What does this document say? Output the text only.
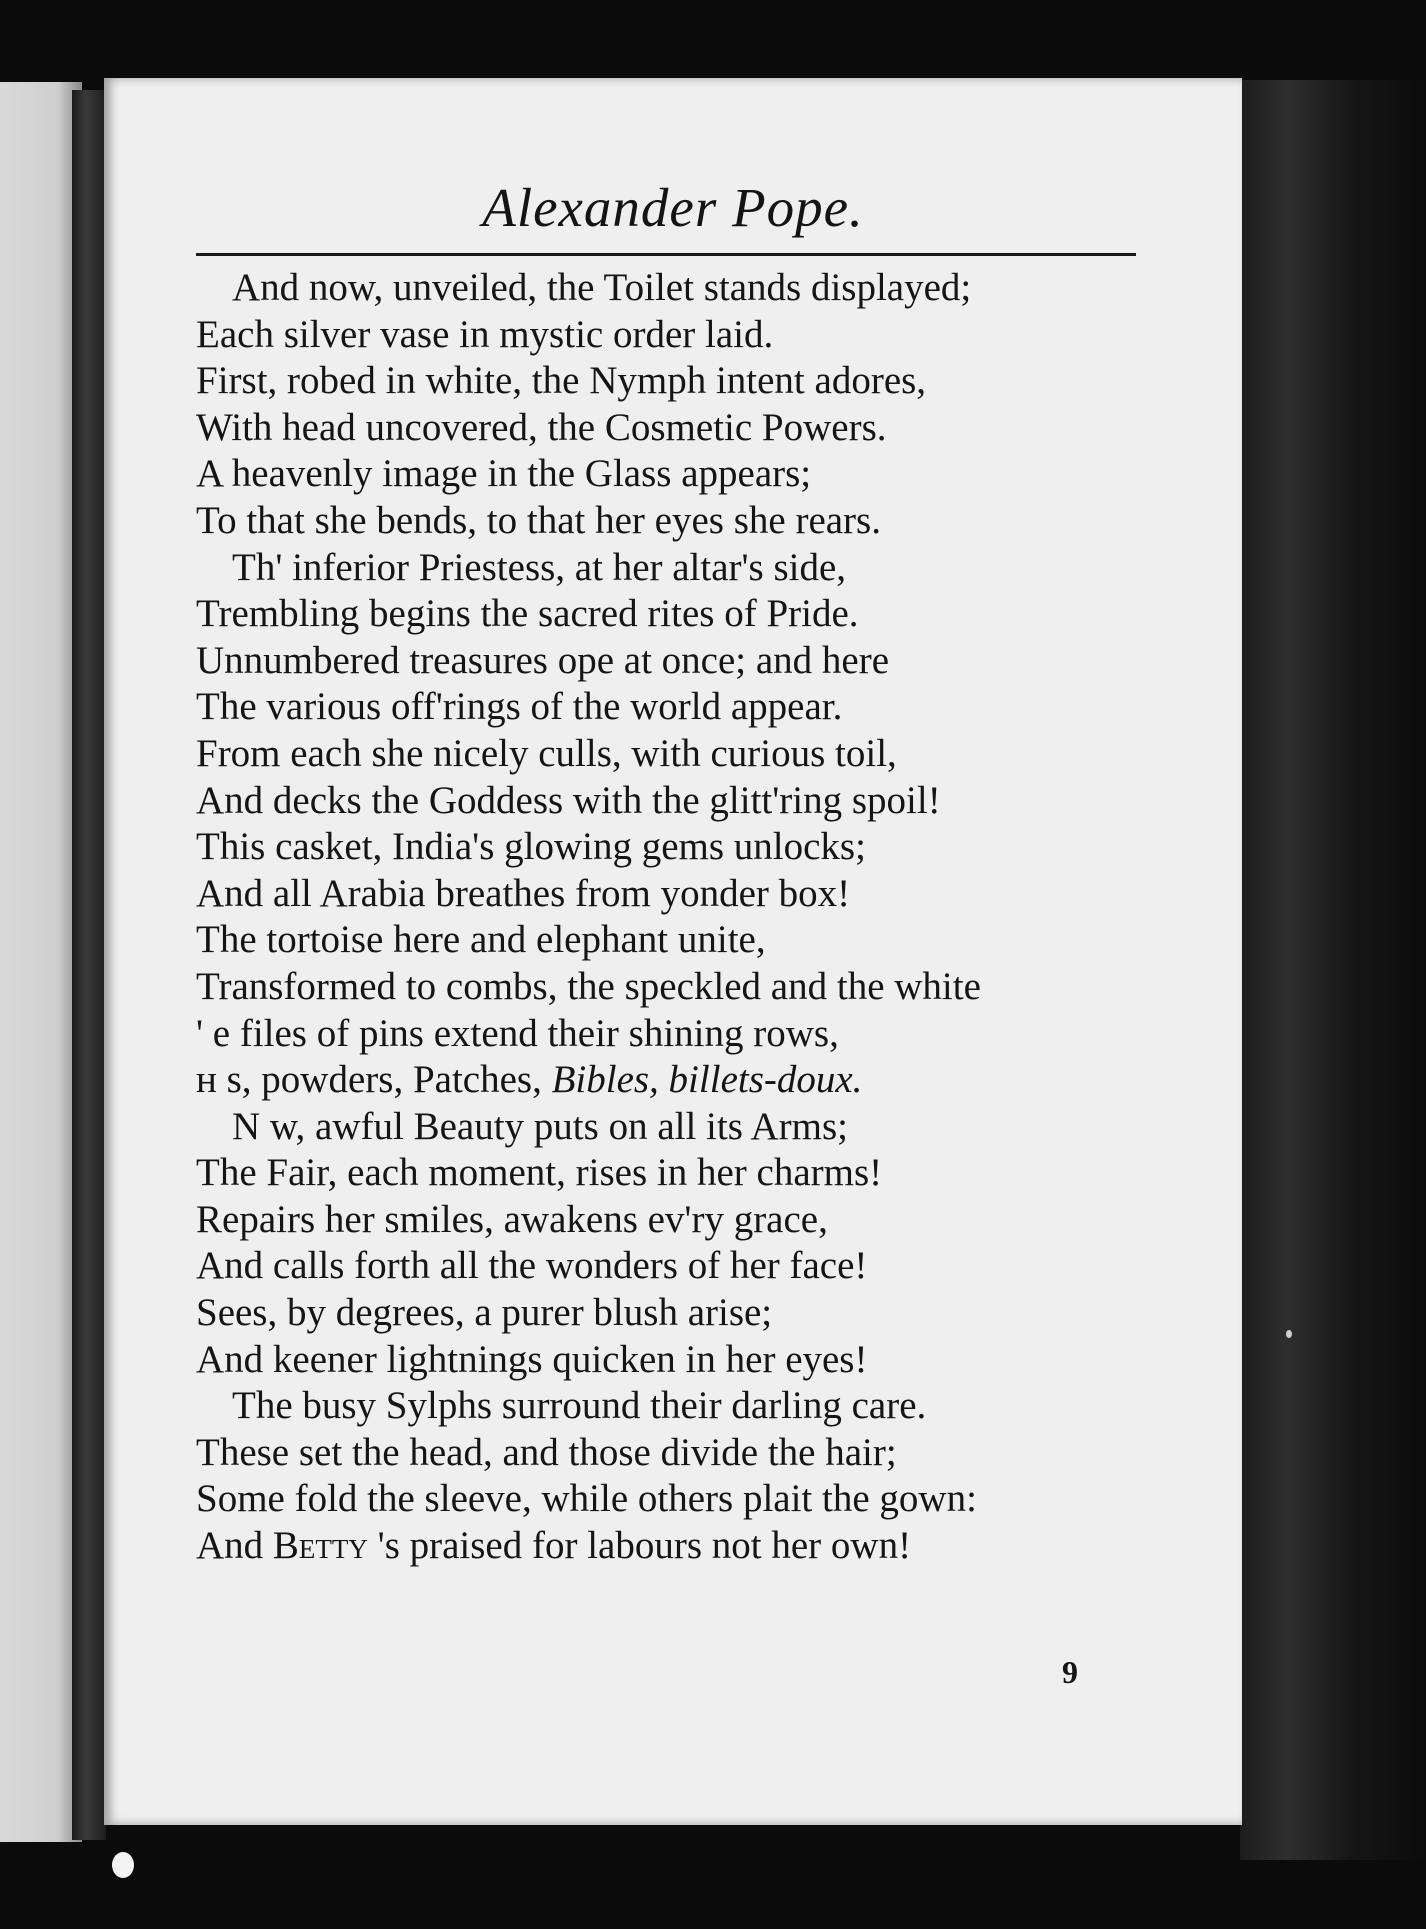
Alexander Pope.
And now, unveiled, the Toilet stands displayed;
Each silver vase in mystic order laid.
First, robed in white, the Nymph intent adores,
With head uncovered, the Cosmetic Powers.
A heavenly image in the Glass appears;
To that she bends, to that her eyes she rears.
Th' inferior Priestess, at her altar's side,
Trembling begins the sacred rites of Pride.
Unnumbered treasures ope at once; and here
The various off'rings of the world appear.
From each she nicely culls, with curious toil,
And decks the Goddess with the glitt'ring spoil!
This casket, India's glowing gems unlocks;
And all Arabia breathes from yonder box!
The tortoise here and elephant unite,
Transformed to combs, the speckled and the white
' e files of pins extend their shining rows,
ʜ s, powders, Patches, Bibles, billets-doux.
N w, awful Beauty puts on all its Arms;
The Fair, each moment, rises in her charms!
Repairs her smiles, awakens ev'ry grace,
And calls forth all the wonders of her face!
Sees, by degrees, a purer blush arise;
And keener lightnings quicken in her eyes!
The busy Sylphs surround their darling care.
These set the head, and those divide the hair;
Some fold the sleeve, while others plait the gown:
And Betty 's praised for labours not her own!
9
